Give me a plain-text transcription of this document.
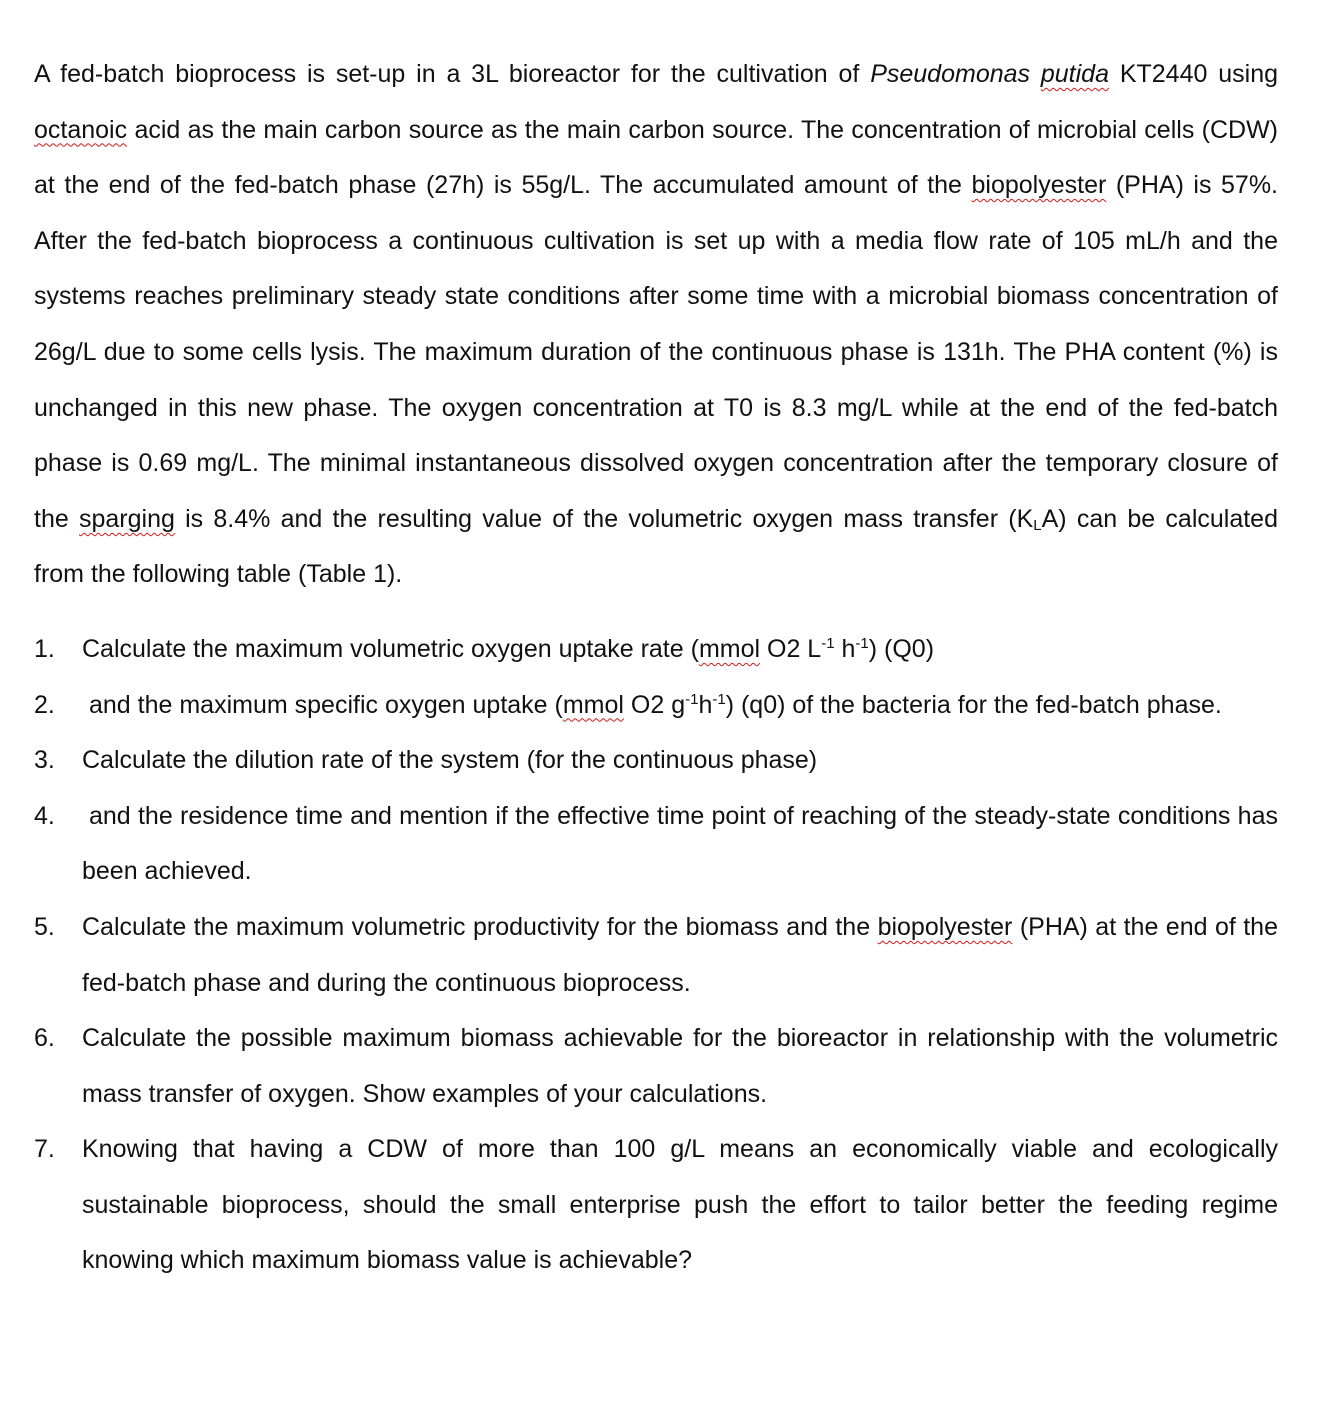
A fed-batch bioprocess is set-up in a 3L bioreactor for the cultivation of Pseudomonas putida KT2440 using octanoic acid as the main carbon source as the main carbon source. The concentration of microbial cells (CDW) at the end of the fed-batch phase (27h) is 55g/L. The accumulated amount of the biopolyester (PHA) is 57%. After the fed-batch bioprocess a continuous cultivation is set up with a media flow rate of 105 mL/h and the systems reaches preliminary steady state conditions after some time with a microbial biomass concentration of 26g/L due to some cells lysis. The maximum duration of the continuous phase is 131h. The PHA content (%) is unchanged in this new phase. The oxygen concentration at T0 is 8.3 mg/L while at the end of the fed-batch phase is 0.69 mg/L. The minimal instantaneous dissolved oxygen concentration after the temporary closure of the sparging is 8.4% and the resulting value of the volumetric oxygen mass transfer $(K_LA)$ can be calculated from the following table (Table 1).

1. Calculate the maximum volumetric oxygen uptake rate (mmol O2 $L^{-1}$ $h^{-1}$) (Q0)
2. and the maximum specific oxygen uptake (mmol O2 $g^{-1}h^{-1}$) (q0) of the bacteria for the fed-batch phase.
3. Calculate the dilution rate of the system (for the continuous phase)
4. and the residence time and mention if the effective time point of reaching of the steady-state conditions has been achieved.
5. Calculate the maximum volumetric productivity for the biomass and the biopolyester (PHA) at the end of the fed-batch phase and during the continuous bioprocess.
6. Calculate the possible maximum biomass achievable for the bioreactor in relationship with the volumetric mass transfer of oxygen. Show examples of your calculations.
7. Knowing that having a CDW of more than 100 g/L means an economically viable and ecologically sustainable bioprocess, should the small enterprise push the effort to tailor better the feeding regime knowing which maximum biomass value is achievable?
